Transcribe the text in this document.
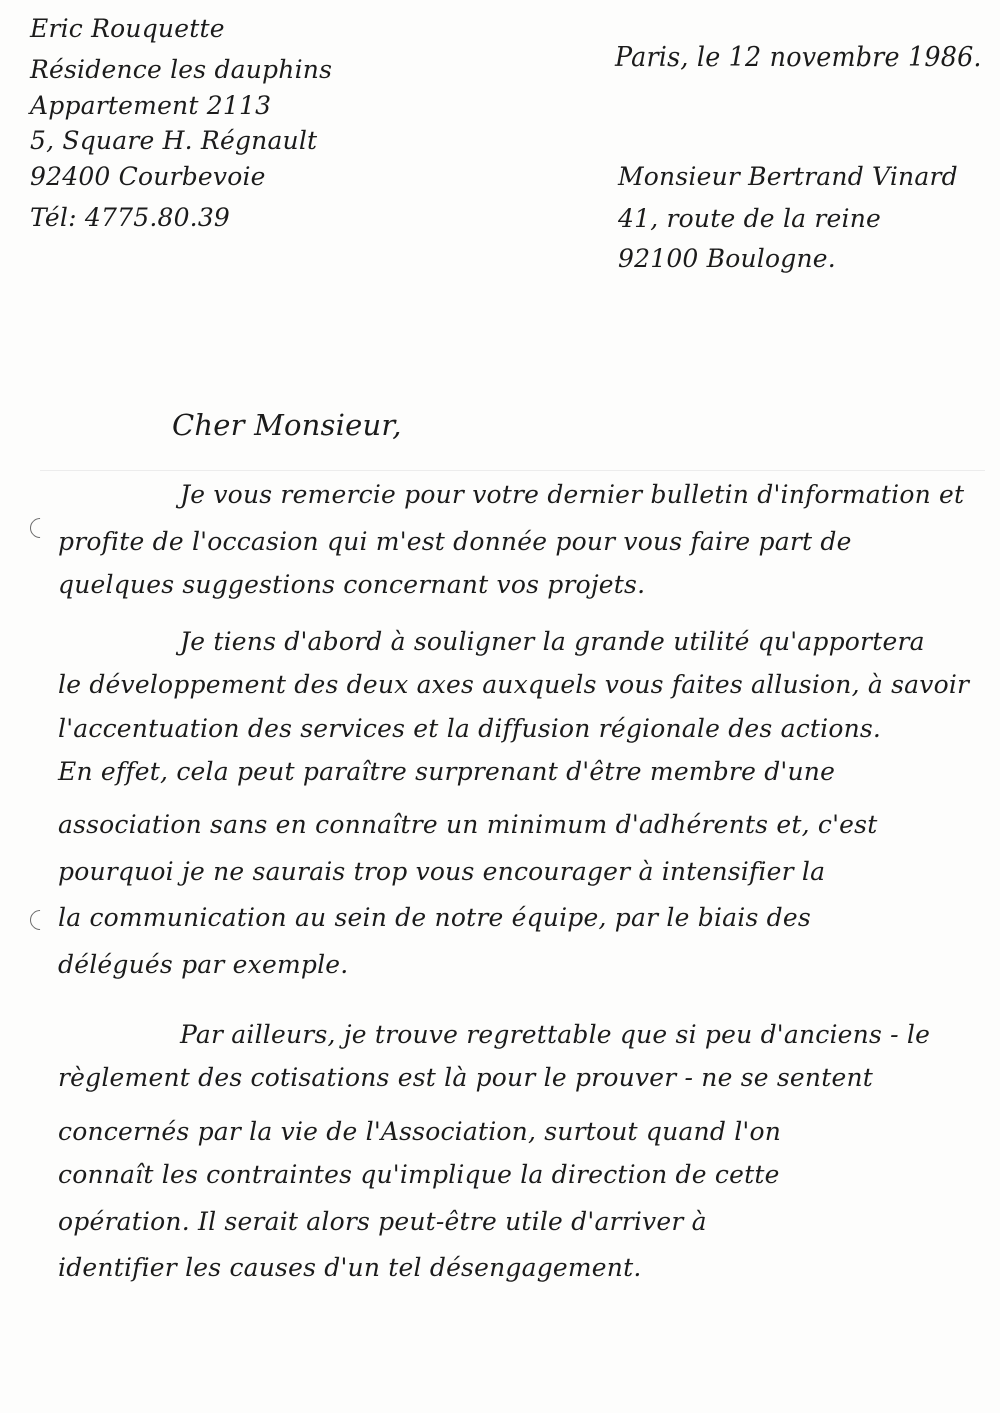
Eric Rouquette
Résidence les dauphins
Appartement 2113
5, Square H. Régnault
92400 Courbevoie
Tél: 4775.80.39
Paris, le 12 novembre 1986.
Monsieur Bertrand Vinard
41, route de la reine
92100 Boulogne.
Cher Monsieur,
Je vous remercie pour votre dernier bulletin d'information et
profite de l'occasion qui m'est donnée pour vous faire part de
quelques suggestions concernant vos projets.
Je tiens d'abord à souligner la grande utilité qu'apportera
le développement des deux axes auxquels vous faites allusion, à savoir
l'accentuation des services et la diffusion régionale des actions.
En effet, cela peut paraître surprenant d'être membre d'une
association sans en connaître un minimum d'adhérents et, c'est
pourquoi je ne saurais trop vous encourager à intensifier la
la communication au sein de notre équipe, par le biais des
délégués par exemple.
Par ailleurs, je trouve regrettable que si peu d'anciens - le
règlement des cotisations est là pour le prouver - ne se sentent
concernés par la vie de l'Association, surtout quand l'on
connaît les contraintes qu'implique la direction de cette
opération. Il serait alors peut-être utile d'arriver à
identifier les causes d'un tel désengagement.
